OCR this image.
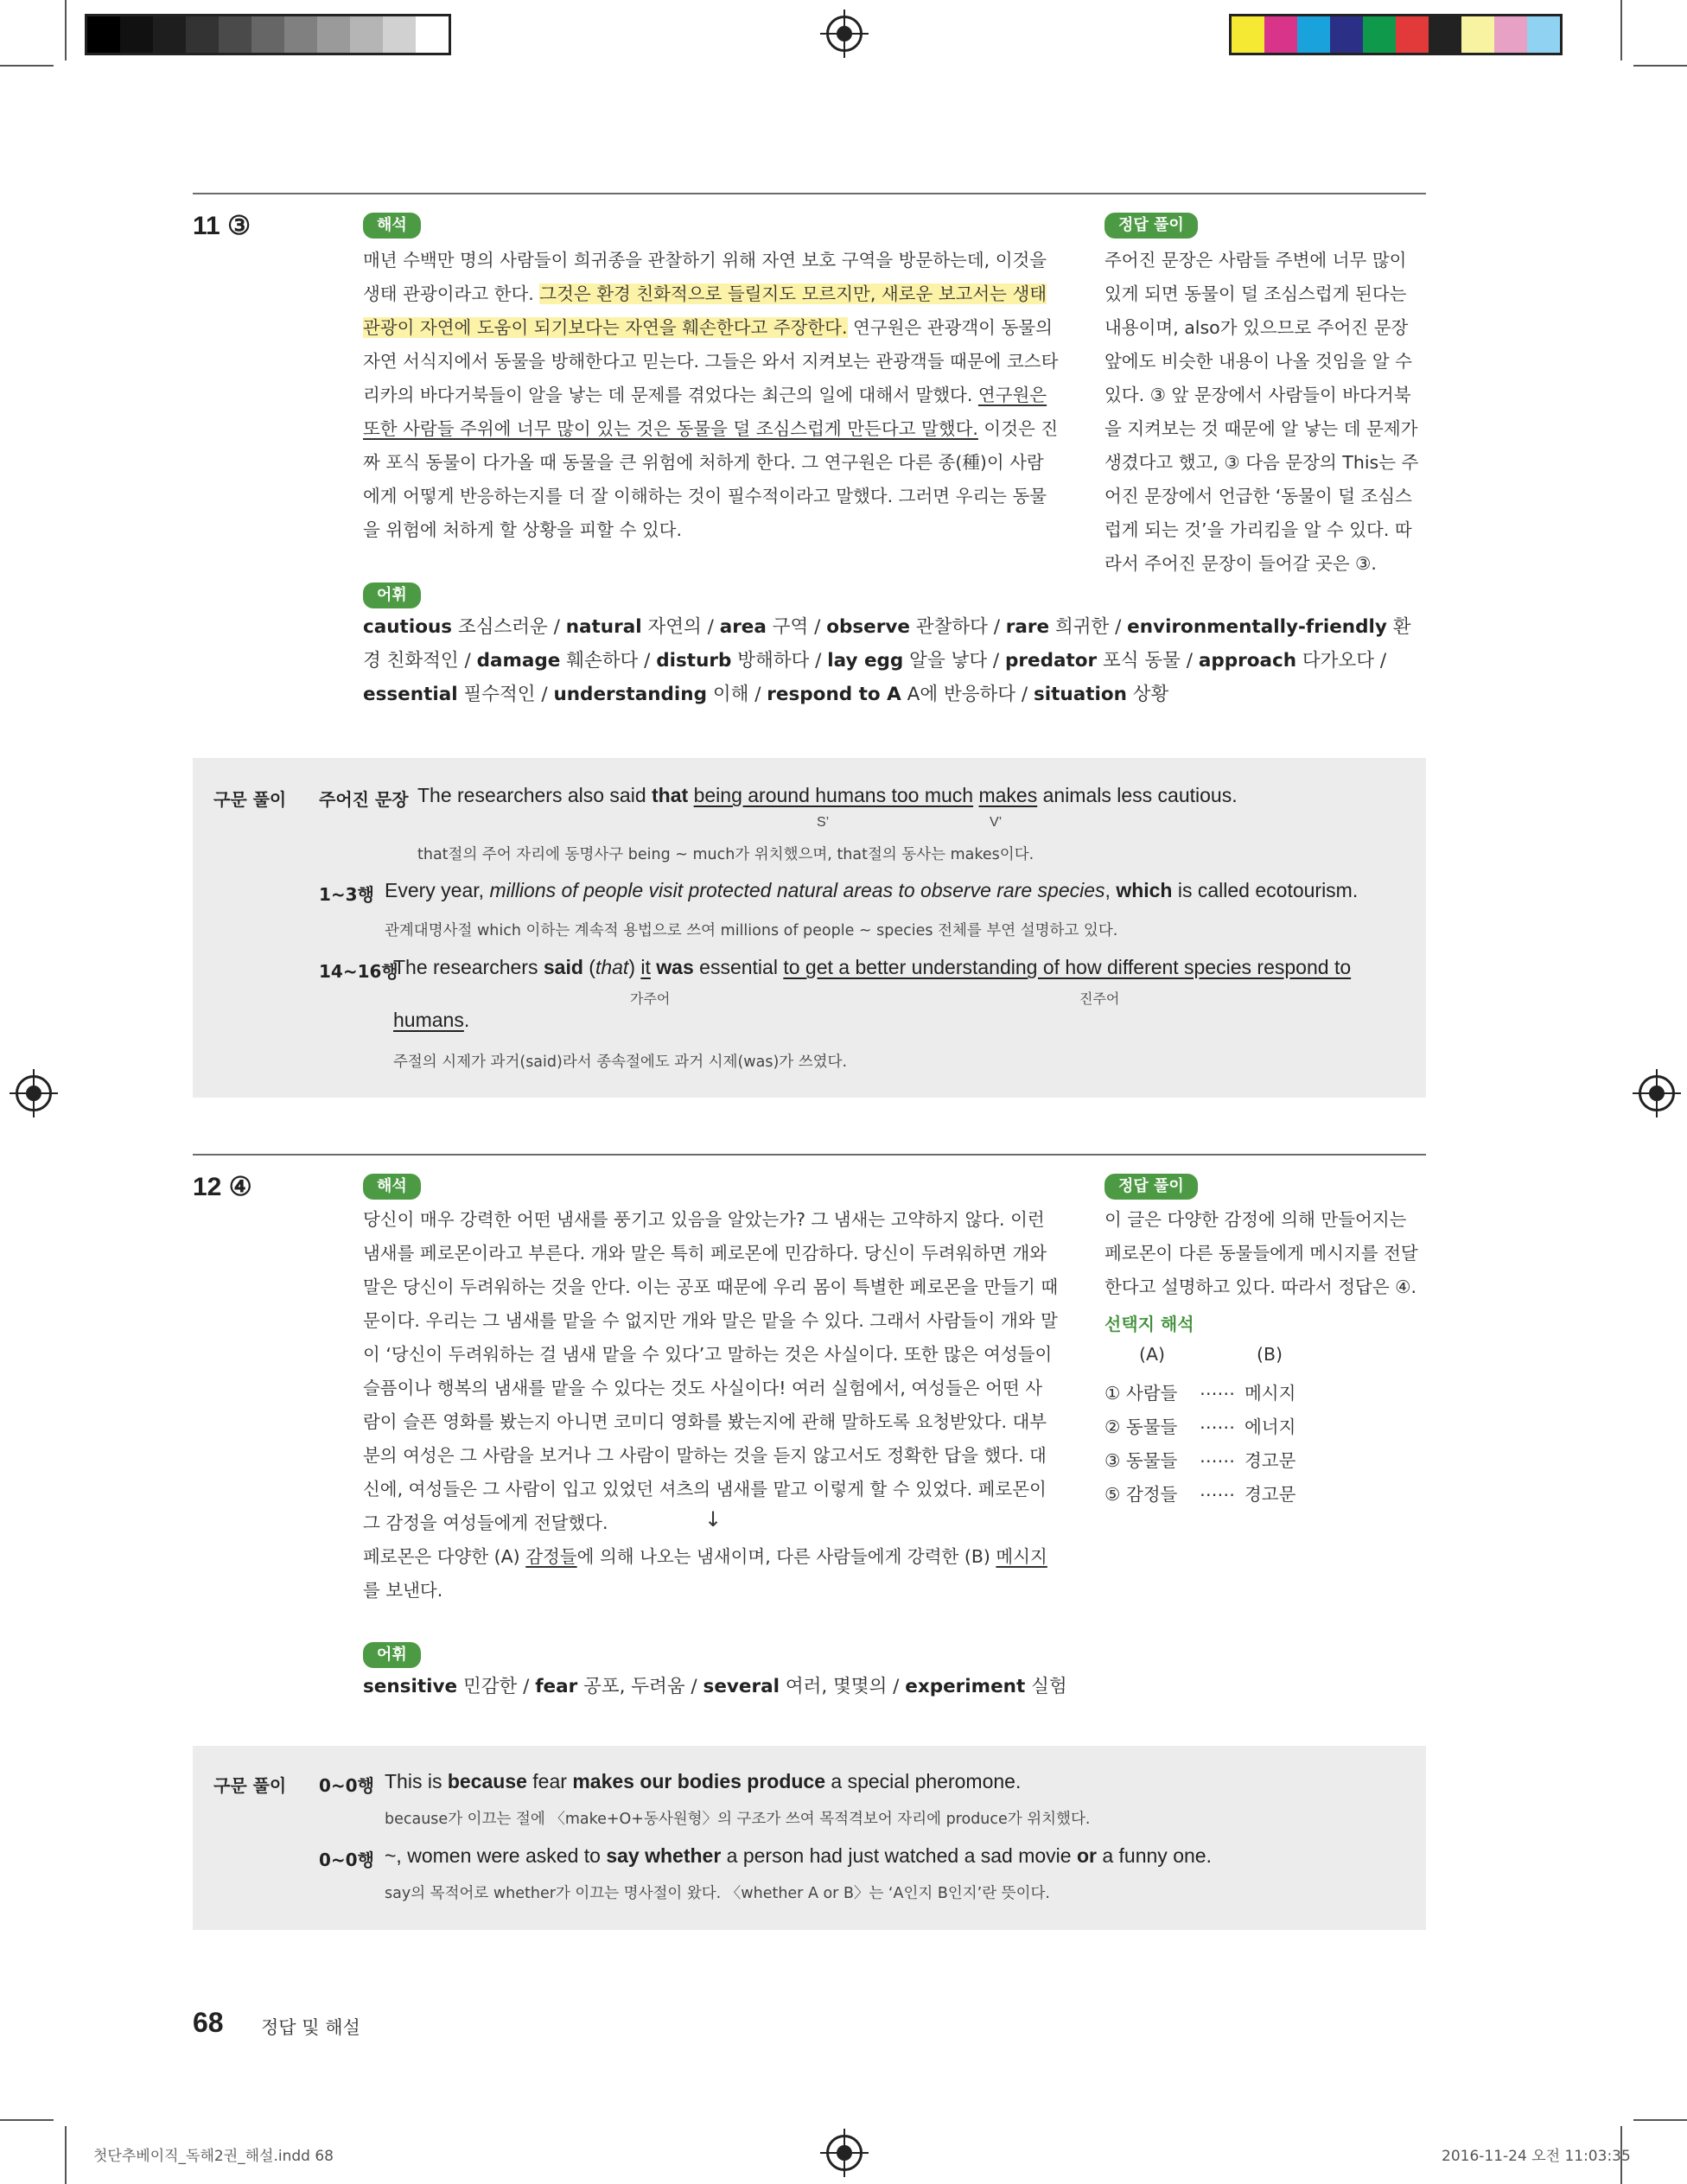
11 ③	해석

매년 수백만 명의 사람들이 희귀종을 관찰하기 위해 자연 보호 구역을 방문하는데, 이것을 생태 관광이라고 한다. 그것은 환경 친화적으로 들릴지도 모르지만, 새로운 보고서는 생태 관광이 자연에 도움이 되기보다는 자연을 훼손한다고 주장한다. 연구원은 관광객이 동물의 자연 서식지에서 동물을 방해한다고 믿는다. 그들은 와서 지켜보는 관광객들 때문에 코스타리카의 바다거북들이 알을 낳는 데 문제를 겪었다는 최근의 일에 대해서 말했다. 연구원은 또한 사람들 주위에 너무 많이 있는 것은 동물을 덜 조심스럽게 만든다고 말했다. 이것은 진짜 포식 동물이 다가올 때 동물을 큰 위험에 처하게 한다. 그 연구원은 다른 종(種)이 사람에게 어떻게 반응하는지를 더 잘 이해하는 것이 필수적이라고 말했다. 그러면 우리는 동물을 위험에 처하게 할 상황을 피할 수 있다.

정답 풀이
주어진 문장은 사람들 주변에 너무 많이 있게 되면 동물이 덜 조심스럽게 된다는 내용이며, also가 있으므로 주어진 문장 앞에도 비슷한 내용이 나올 것임을 알 수 있다. ③ 앞 문장에서 사람들이 바다거북을 지켜보는 것 때문에 알 낳는 데 문제가 생겼다고 했고, ③ 다음 문장의 This는 주어진 문장에서 언급한 ‘동물이 덜 조심스럽게 되는 것’을 가리킴을 알 수 있다. 따라서 주어진 문장이 들어갈 곳은 ③.
어휘
cautious 조심스러운 / natural 자연의 / area 구역 / observe 관찰하다 / rare 희귀한 / environmentally-friendly 환경 친화적인 / damage 훼손하다 / disturb 방해하다 / lay egg 알을 낳다 / predator 포식 동물 / approach 다가오다 / essential 필수적인 / understanding 이해 / respond to A A에 반응하다 / situation 상황
구문 풀이 주어진 문장 The researchers also said that being around humans too much makes animals less cautious.
S’	V’
that절의 주어 자리에 동명사구 being ~ much가 위치했으며, that절의 동사는 makes이다.
1~3행 Every year, millions of people visit protected natural areas to observe rare species, which is called ecotourism.
관계대명사절 which 이하는 계속적 용법으로 쓰여 millions of people ~ species 전체를 부연 설명하고 있다.
14~16행
The researchers said (that) it was essential to get a better understanding of how different species respond to
가주어	진주어
humans.
주절의 시제가 과거(said)라서 종속절에도 과거 시제(was)가 쓰였다.
12 ④	해석
당신이 매우 강력한 어떤 냄새를 풍기고 있음을 알았는가? 그 냄새는 고약하지 않다. 이런 냄새를 페로몬이라고 부른다. 개와 말은 특히 페로몬에 민감하다. 당신이 두려워하면 개와 말은 당신이 두려워하는 것을 안다. 이는 공포 때문에 우리 몸이 특별한 페로몬을 만들기 때문이다. 우리는 그 냄새를 맡을 수 없지만 개와 말은 맡을 수 있다. 그래서 사람들이 개와 말이 ‘당신이 두려워하는 걸 냄새 맡을 수 있다’고 말하는 것은 사실이다. 또한 많은 여성들이 슬픔이나 행복의 냄새를 맡을 수 있다는 것도 사실이다! 여러 실험에서, 여성들은 어떤 사람이 슬픈 영화를 봤는지 아니면 코미디 영화를 봤는지에 관해 말하도록 요청받았다. 대부분의 여성은 그 사람을 보거나 그 사람이 말하는 것을 듣지 않고서도 정확한 답을 했다. 대신에, 여성들은 그 사람이 입고 있었던 셔츠의 냄새를 맡고 이렇게 할 수 있었다. 페로몬이 그 감정을 여성들에게 전달했다.	↓

페로몬은 다양한 (A) 감정들에 의해 나오는 냄새이며, 다른 사람들에게 강력한 (B) 메시지를 보낸다.

정답 풀이
이 글은 다양한 감정에 의해 만들어지는 페로몬이 다른 동물들에게 메시지를 전달한다고 설명하고 있다. 따라서 정답은 ④.
선택지 해석
(A)	(B)
① 사람들 …… 메시지
② 동물들 …… 에너지
③ 동물들 …… 경고문
⑤ 감정들 …… 경고문
어휘
sensitive 민감한 / fear 공포, 두려움 / several 여러, 몇몇의 / experiment 실험
구문 풀이 0~0행 This is because fear makes our bodies produce a special pheromone.
because가 이끄는 절에 〈make+O+동사원형〉의 구조가 쓰여 목적격보어 자리에 produce가 위치했다.
0~0행 ~, women were asked to say whether a person had just watched a sad movie or a funny one.
say의 목적어로 whether가 이끄는 명사절이 왔다. 〈whether A or B〉는 ‘A인지 B인지’란 뜻이다.
68 정답 및 해설
첫단추베이직_독해2권_해설.indd 68	2016-11-24 오전 11:03:35
